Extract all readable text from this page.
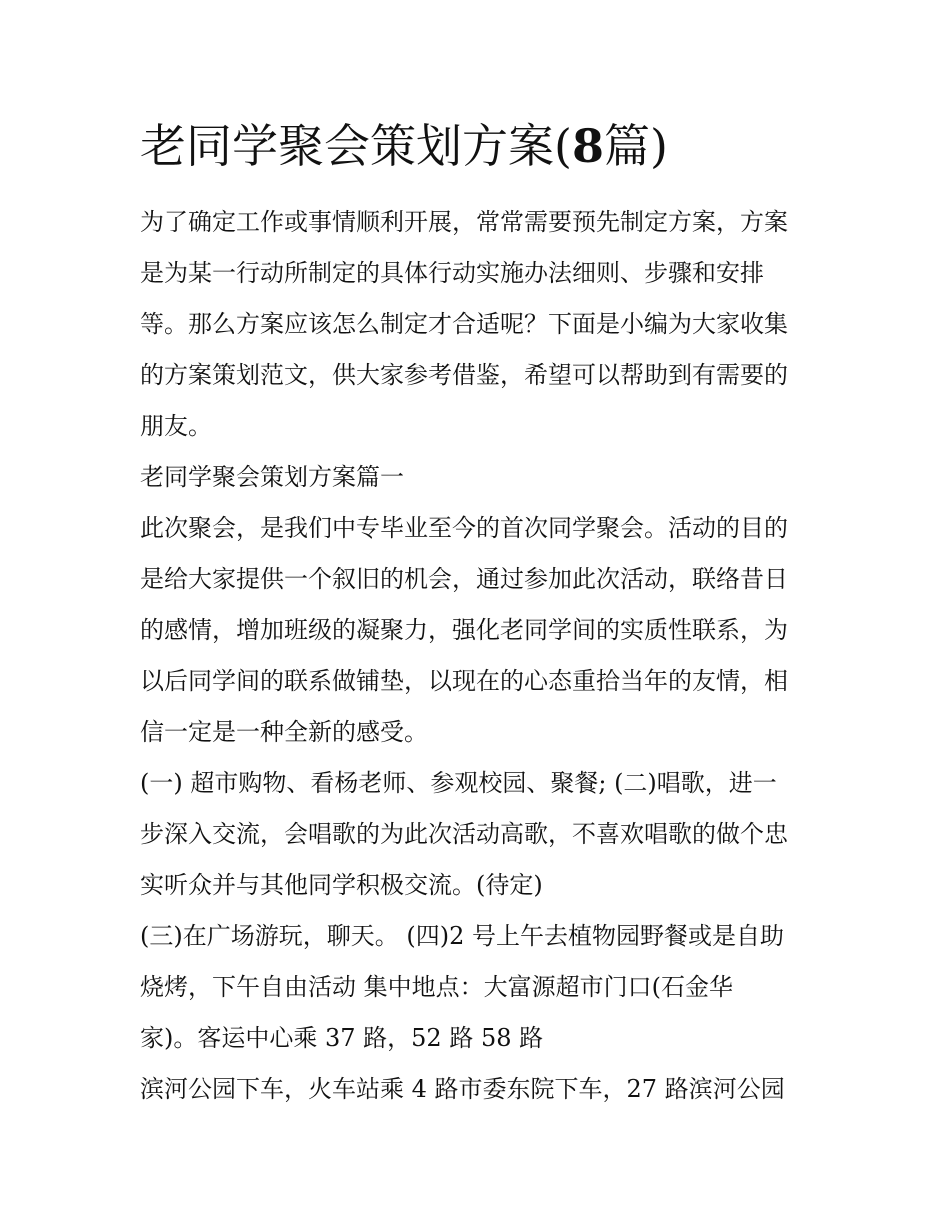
老同学聚会策划方案(8篇)
为了确定工作或事情顺利开展，常常需要预先制定方案，方案
是为某一行动所制定的具体行动实施办法细则、步骤和安排
等。那么方案应该怎么制定才合适呢？下面是小编为大家收集
的方案策划范文，供大家参考借鉴，希望可以帮助到有需要的
朋友。
老同学聚会策划方案篇一
此次聚会，是我们中专毕业至今的首次同学聚会。活动的目的
是给大家提供一个叙旧的机会，通过参加此次活动，联络昔日
的感情，增加班级的凝聚力，强化老同学间的实质性联系，为
以后同学间的联系做铺垫，以现在的心态重拾当年的友情，相
信一定是一种全新的感受。
(一) 超市购物、看杨老师、参观校园、聚餐; (二)唱歌，进一
步深入交流，会唱歌的为此次活动高歌，不喜欢唱歌的做个忠
实听众并与其他同学积极交流。(待定)
(三)在广场游玩，聊天。 (四)2 号上午去植物园野餐或是自助
烧烤，下午自由活动 集中地点：大富源超市门口(石金华
家)。客运中心乘 37 路，52 路 58 路
滨河公园下车，火车站乘 4 路市委东院下车，27 路滨河公园
